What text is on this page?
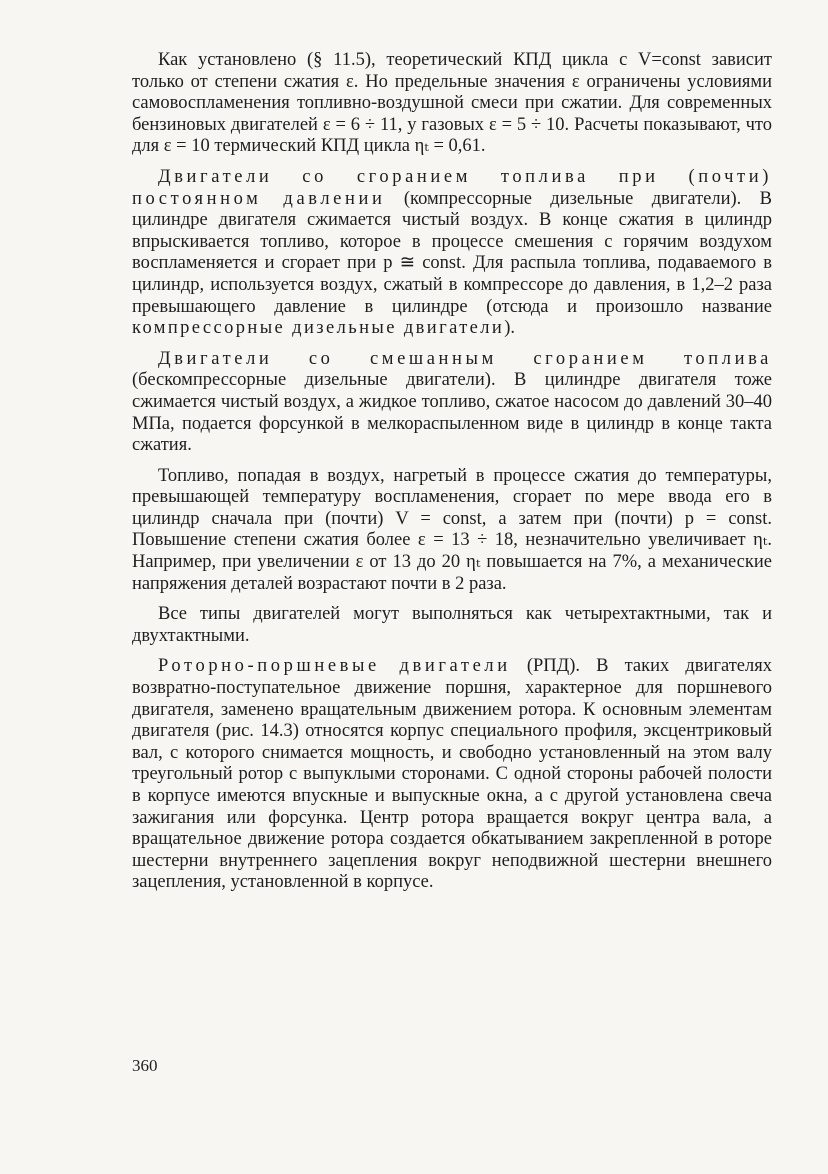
Как установлено (§ 11.5), теоретический КПД цикла с V=const зависит только от степени сжатия ε. Но предельные значения ε ограничены условиями самовоспламенения топливно-воздушной смеси при сжатии. Для современных бензиновых двигателей ε = 6 ÷ 11, у газовых ε = 5 ÷ 10. Расчеты показывают, что для ε = 10 термический КПД цикла ηₜ = 0,61.

Двигатели со сгоранием топлива при (почти) постоянном давлении (компрессорные дизельные двигатели). В цилиндре двигателя сжимается чистый воздух. В конце сжатия в цилиндр впрыскивается топливо, которое в процессе смешения с горячим воздухом воспламеняется и сгорает при p ≅ const. Для распыла топлива, подаваемого в цилиндр, используется воздух, сжатый в компрессоре до давления, в 1,2–2 раза превышающего давление в цилиндре (отсюда и произошло название компрессорные дизельные двигатели).

Двигатели со смешанным сгоранием топлива (бескомпрессорные дизельные двигатели). В цилиндре двигателя тоже сжимается чистый воздух, а жидкое топливо, сжатое насосом до давлений 30–40 МПа, подается форсункой в мелкораспыленном виде в цилиндр в конце такта сжатия.

Топливо, попадая в воздух, нагретый в процессе сжатия до температуры, превышающей температуру воспламенения, сгорает по мере ввода его в цилиндр сначала при (почти) V = const, а затем при (почти) p = const. Повышение степени сжатия более ε = 13 ÷ 18, незначительно увеличивает ηₜ. Например, при увеличении ε от 13 до 20 ηₜ повышается на 7%, а механические напряжения деталей возрастают почти в 2 раза.

Все типы двигателей могут выполняться как четырехтактными, так и двухтактными.

Роторно-поршневые двигатели (РПД). В таких двигателях возвратно-поступательное движение поршня, характерное для поршневого двигателя, заменено вращательным движением ротора. К основным элементам двигателя (рис. 14.3) относятся корпус специального профиля, эксцентриковый вал, с которого снимается мощность, и свободно установленный на этом валу треугольный ротор с выпуклыми сторонами. С одной стороны рабочей полости в корпусе имеются впускные и выпускные окна, а с другой установлена свеча зажигания или форсунка. Центр ротора вращается вокруг центра вала, а вращательное движение ротора создается обкатыванием закрепленной в роторе шестерни внутреннего зацепления вокруг неподвижной шестерни внешнего зацепления, установленной в корпусе.

360
